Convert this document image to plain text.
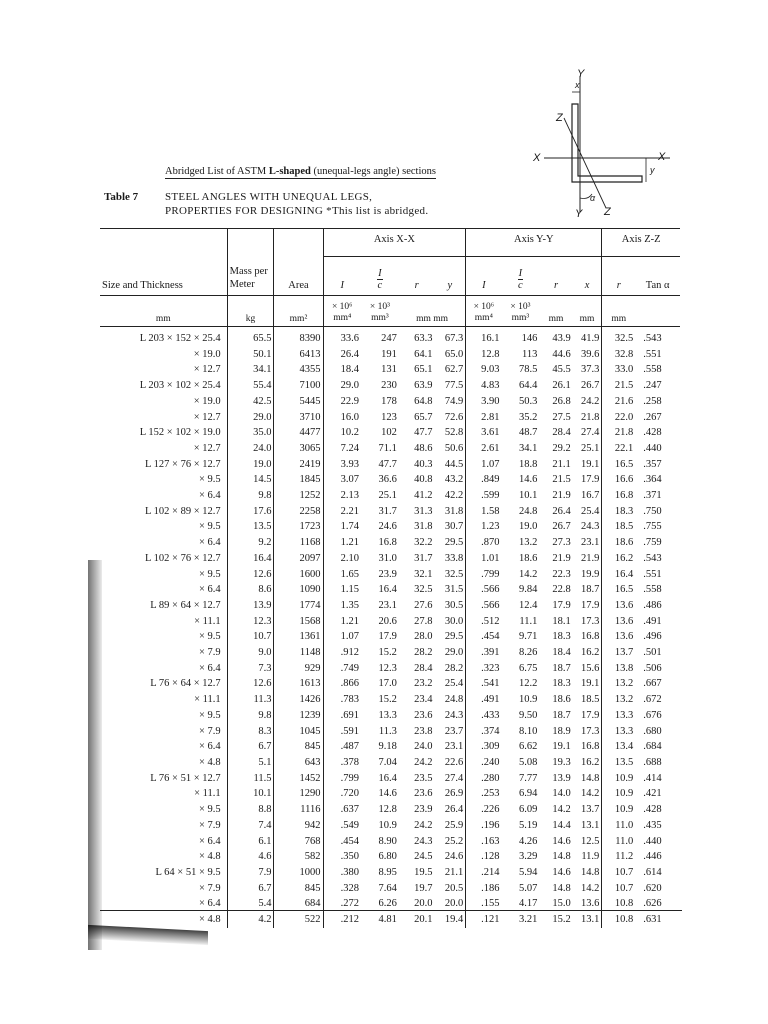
Y
Y
X	X
Z
Z
x
y
α
Abridged List of ASTM L-shaped (unequal-legs angle) sections
Table 7 STEEL ANGLES WITH UNEQUAL LEGS,
PROPERTIES FOR DESIGNING *This list is abridged.
Size and Thickness	Mass per Meter	Area	Axis X-X				Axis Y-Y				Axis Z-Z	
			I	$\frac{I}{c}$	r	y	I	$\frac{I}{c}$	r	x	r	Tan α
mm	kg	mm²	× 10⁶ mm⁴	× 10³ mm³	mm mm		× 10⁶ mm⁴	× 10³ mm³	mm	mm	mm	
L 203 × 152 × 25.4	65.5	8390	33.6	247	63.3	67.3	16.1	146	43.9	41.9	32.5	.543
× 19.0	50.1	6413	26.4	191	64.1	65.0	12.8	113	44.6	39.6	32.8	.551
× 12.7	34.1	4355	18.4	131	65.1	62.7	9.03	78.5	45.5	37.3	33.0	.558
L 203 × 102 × 25.4	55.4	7100	29.0	230	63.9	77.5	4.83	64.4	26.1	26.7	21.5	.247
× 19.0	42.5	5445	22.9	178	64.8	74.9	3.90	50.3	26.8	24.2	21.6	.258
× 12.7	29.0	3710	16.0	123	65.7	72.6	2.81	35.2	27.5	21.8	22.0	.267
L 152 × 102 × 19.0	35.0	4477	10.2	102	47.7	52.8	3.61	48.7	28.4	27.4	21.8	.428
× 12.7	24.0	3065	7.24	71.1	48.6	50.6	2.61	34.1	29.2	25.1	22.1	.440
L 127 × 76 × 12.7	19.0	2419	3.93	47.7	40.3	44.5	1.07	18.8	21.1	19.1	16.5	.357
× 9.5	14.5	1845	3.07	36.6	40.8	43.2	.849	14.6	21.5	17.9	16.6	.364
× 6.4	9.8	1252	2.13	25.1	41.2	42.2	.599	10.1	21.9	16.7	16.8	.371
L 102 × 89 × 12.7	17.6	2258	2.21	31.7	31.3	31.8	1.58	24.8	26.4	25.4	18.3	.750
× 9.5	13.5	1723	1.74	24.6	31.8	30.7	1.23	19.0	26.7	24.3	18.5	.755
× 6.4	9.2	1168	1.21	16.8	32.2	29.5	.870	13.2	27.3	23.1	18.6	.759
L 102 × 76 × 12.7	16.4	2097	2.10	31.0	31.7	33.8	1.01	18.6	21.9	21.9	16.2	.543
× 9.5	12.6	1600	1.65	23.9	32.1	32.5	.799	14.2	22.3	19.9	16.4	.551
× 6.4	8.6	1090	1.15	16.4	32.5	31.5	.566	9.84	22.8	18.7	16.5	.558
L 89 × 64 × 12.7	13.9	1774	1.35	23.1	27.6	30.5	.566	12.4	17.9	17.9	13.6	.486
× 11.1	12.3	1568	1.21	20.6	27.8	30.0	.512	11.1	18.1	17.3	13.6	.491
× 9.5	10.7	1361	1.07	17.9	28.0	29.5	.454	9.71	18.3	16.8	13.6	.496
× 7.9	9.0	1148	.912	15.2	28.2	29.0	.391	8.26	18.4	16.2	13.7	.501
× 6.4	7.3	929	.749	12.3	28.4	28.2	.323	6.75	18.7	15.6	13.8	.506
L 76 × 64 × 12.7	12.6	1613	.866	17.0	23.2	25.4	.541	12.2	18.3	19.1	13.2	.667
× 11.1	11.3	1426	.783	15.2	23.4	24.8	.491	10.9	18.6	18.5	13.2	.672
× 9.5	9.8	1239	.691	13.3	23.6	24.3	.433	9.50	18.7	17.9	13.3	.676
× 7.9	8.3	1045	.591	11.3	23.8	23.7	.374	8.10	18.9	17.3	13.3	.680
× 6.4	6.7	845	.487	9.18	24.0	23.1	.309	6.62	19.1	16.8	13.4	.684
× 4.8	5.1	643	.378	7.04	24.2	22.6	.240	5.08	19.3	16.2	13.5	.688
L 76 × 51 × 12.7	11.5	1452	.799	16.4	23.5	27.4	.280	7.77	13.9	14.8	10.9	.414
× 11.1	10.1	1290	.720	14.6	23.6	26.9	.253	6.94	14.0	14.2	10.9	.421
× 9.5	8.8	1116	.637	12.8	23.9	26.4	.226	6.09	14.2	13.7	10.9	.428
× 7.9	7.4	942	.549	10.9	24.2	25.9	.196	5.19	14.4	13.1	11.0	.435
× 6.4	6.1	768	.454	8.90	24.3	25.2	.163	4.26	14.6	12.5	11.0	.440
× 4.8	4.6	582	.350	6.80	24.5	24.6	.128	3.29	14.8	11.9	11.2	.446
L 64 × 51 × 9.5	7.9	1000	.380	8.95	19.5	21.1	.214	5.94	14.6	14.8	10.7	.614
× 7.9	6.7	845	.328	7.64	19.7	20.5	.186	5.07	14.8	14.2	10.7	.620
× 6.4	5.4	684	.272	6.26	20.0	20.0	.155	4.17	15.0	13.6	10.8	.626
× 4.8	4.2	522	.212	4.81	20.1	19.4	.121	3.21	15.2	13.1	10.8	.631
